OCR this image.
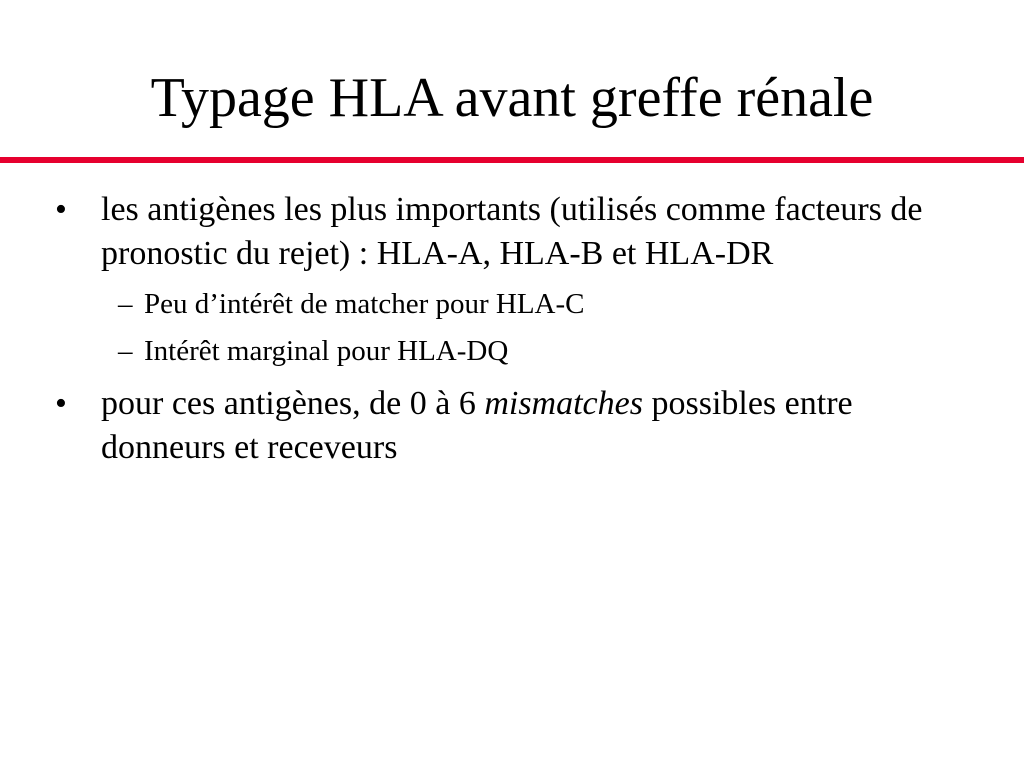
Typage HLA avant greffe rénale
•	les antigènes les plus importants (utilisés comme facteurs de pronostic du rejet) : HLA-A, HLA-B et HLA-DR
– Peu d’intérêt de matcher pour HLA-C
– Intérêt marginal pour HLA-DQ
•	pour ces antigènes, de 0 à 6 mismatches possibles entre donneurs et receveurs
